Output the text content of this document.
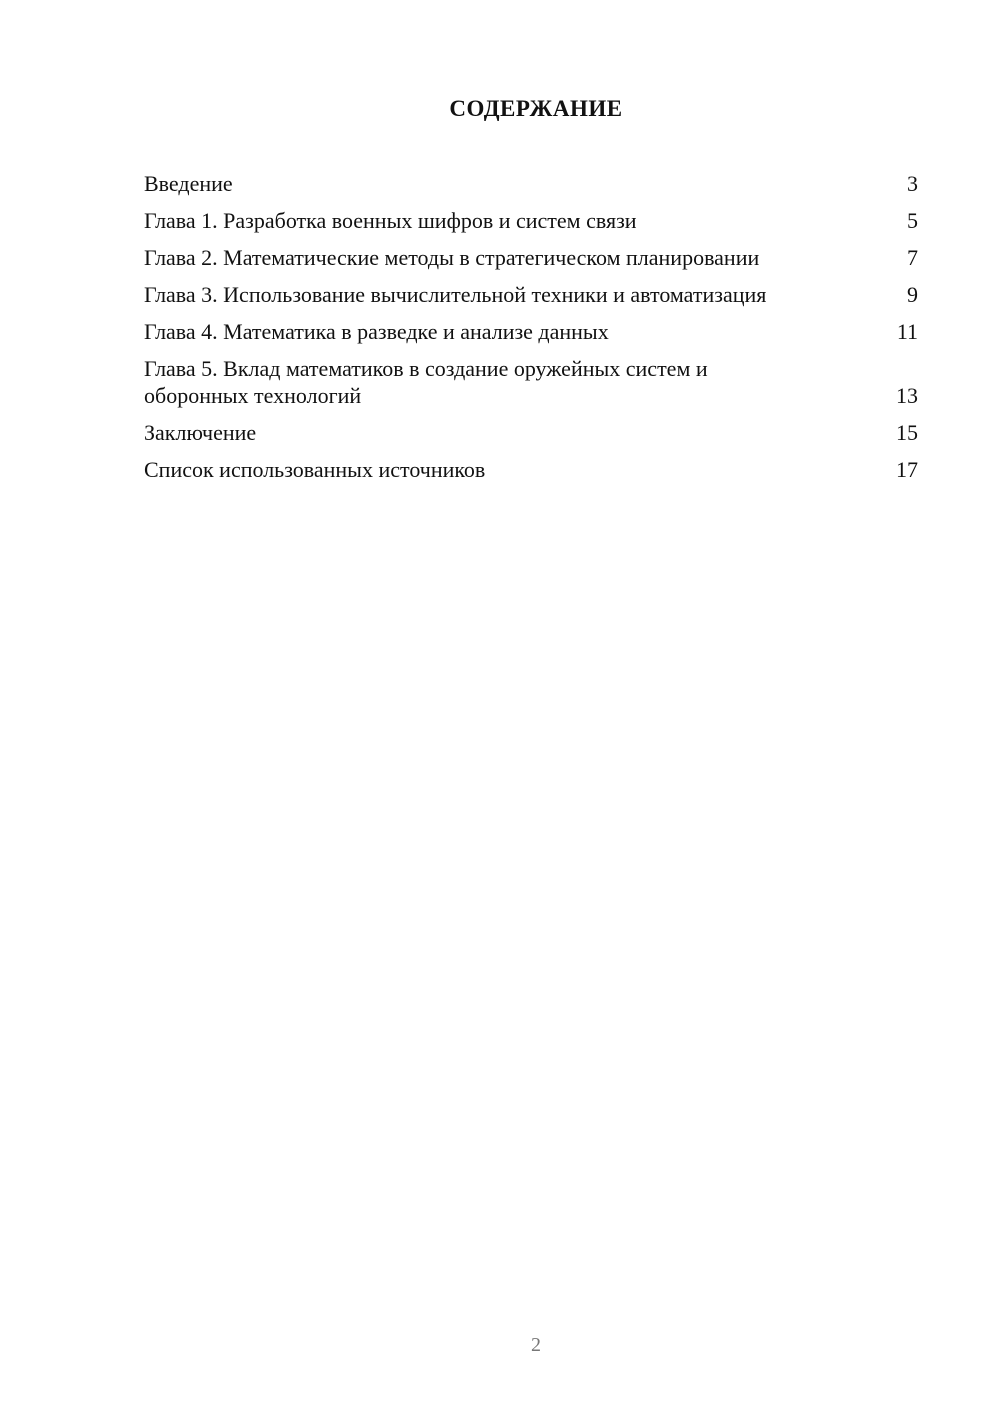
СОДЕРЖАНИЕ
Введение	3
Глава 1. Разработка военных шифров и систем связи	5
Глава 2. Математические методы в стратегическом планировании	7
Глава 3. Использование вычислительной техники и автоматизация	9
Глава 4. Математика в разведке и анализе данных	11
Глава 5. Вклад математиков в создание оружейных систем и оборонных технологий	13
Заключение	15
Список использованных источников	17
2
